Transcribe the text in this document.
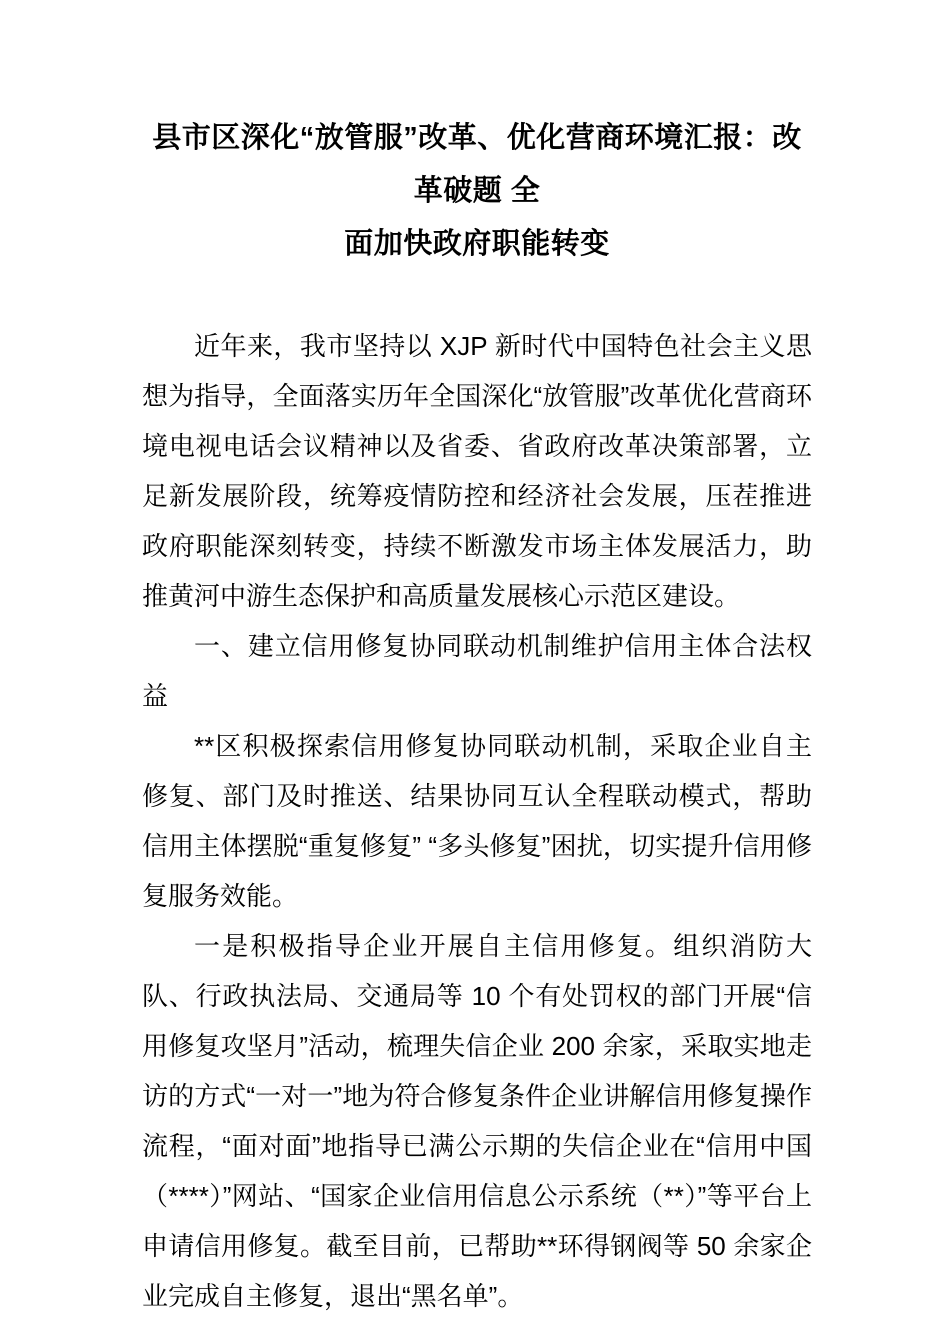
县市区深化“放管服”改革、优化营商环境汇报：改革破题 全
面加快政府职能转变

近年来，我市坚持以 XJP 新时代中国特色社会主义思想为指导，全面落实历年全国深化“放管服”改革优化营商环境电视电话会议精神以及省委、省政府改革决策部署，立足新发展阶段，统筹疫情防控和经济社会发展，压茬推进政府职能深刻转变，持续不断激发市场主体发展活力，助推黄河中游生态保护和高质量发展核心示范区建设。

一、建立信用修复协同联动机制维护信用主体合法权益

**区积极探索信用修复协同联动机制，采取企业自主修复、部门及时推送、结果协同互认全程联动模式，帮助信用主体摆脱“重复修复” “多头修复”困扰，切实提升信用修复服务效能。

一是积极指导企业开展自主信用修复。组织消防大队、行政执法局、交通局等 10 个有处罚权的部门开展“信用修复攻坚月”活动，梳理失信企业 200 余家，采取实地走访的方式“一对一”地为符合修复条件企业讲解信用修复操作流程，“面对面”地指导已满公示期的失信企业在“信用中国（****）”网站、“国家企业信用信息公示系统（**）”等平台上申请信用修复。截至目前，已帮助**环得钢阀等 50 余家企业完成自主修复，退出“黑名单”。
